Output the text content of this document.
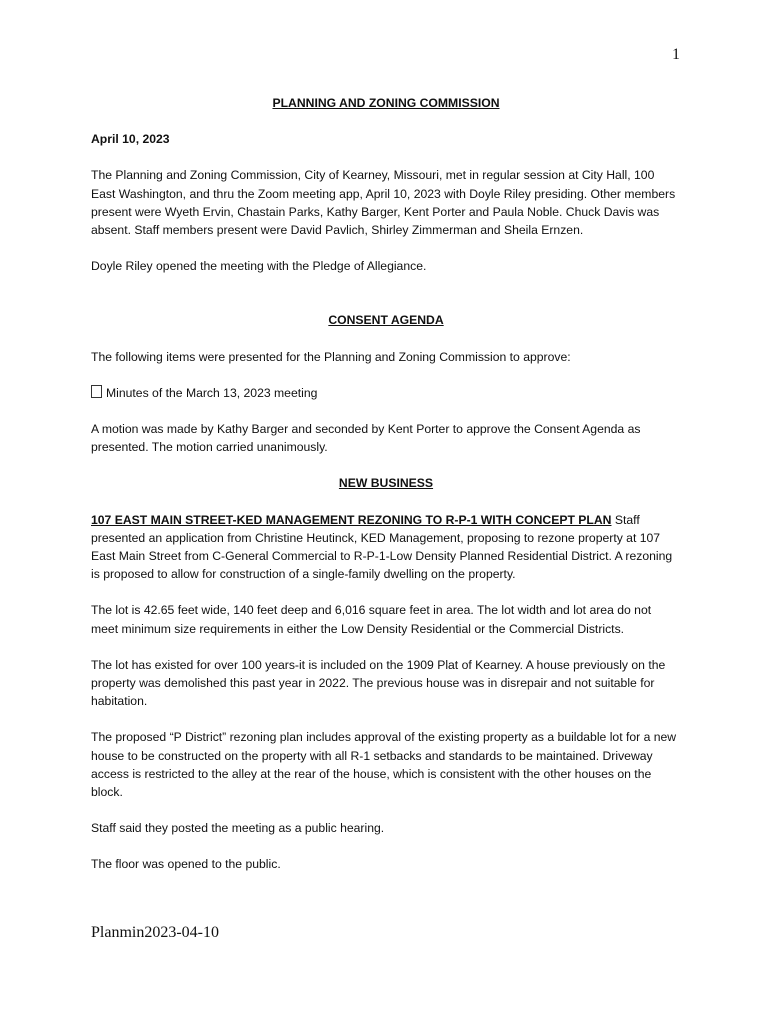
1

PLANNING AND ZONING COMMISSION

April 10, 2023

The Planning and Zoning Commission, City of Kearney, Missouri, met in regular session at City Hall, 100 East Washington, and thru the Zoom meeting app, April 10, 2023 with Doyle Riley presiding. Other members present were Wyeth Ervin, Chastain Parks, Kathy Barger, Kent Porter and Paula Noble. Chuck Davis was absent. Staff members present were David Pavlich, Shirley Zimmerman and Sheila Ernzen.

Doyle Riley opened the meeting with the Pledge of Allegiance.

CONSENT AGENDA

The following items were presented for the Planning and Zoning Commission to approve:

Minutes of the March 13, 2023 meeting

A motion was made by Kathy Barger and seconded by Kent Porter to approve the Consent Agenda as presented. The motion carried unanimously.

NEW BUSINESS

107 EAST MAIN STREET-KED MANAGEMENT REZONING TO R-P-1 WITH CONCEPT PLAN Staff presented an application from Christine Heutinck, KED Management, proposing to rezone property at 107 East Main Street from C-General Commercial to R-P-1-Low Density Planned Residential District. A rezoning is proposed to allow for construction of a single-family dwelling on the property.

The lot is 42.65 feet wide, 140 feet deep and 6,016 square feet in area. The lot width and lot area do not meet minimum size requirements in either the Low Density Residential or the Commercial Districts.

The lot has existed for over 100 years-it is included on the 1909 Plat of Kearney. A house previously on the property was demolished this past year in 2022. The previous house was in disrepair and not suitable for habitation.

The proposed “P District” rezoning plan includes approval of the existing property as a buildable lot for a new house to be constructed on the property with all R-1 setbacks and standards to be maintained. Driveway access is restricted to the alley at the rear of the house, which is consistent with the other houses on the block.

Staff said they posted the meeting as a public hearing.

The floor was opened to the public.

Planmin2023-04-10
